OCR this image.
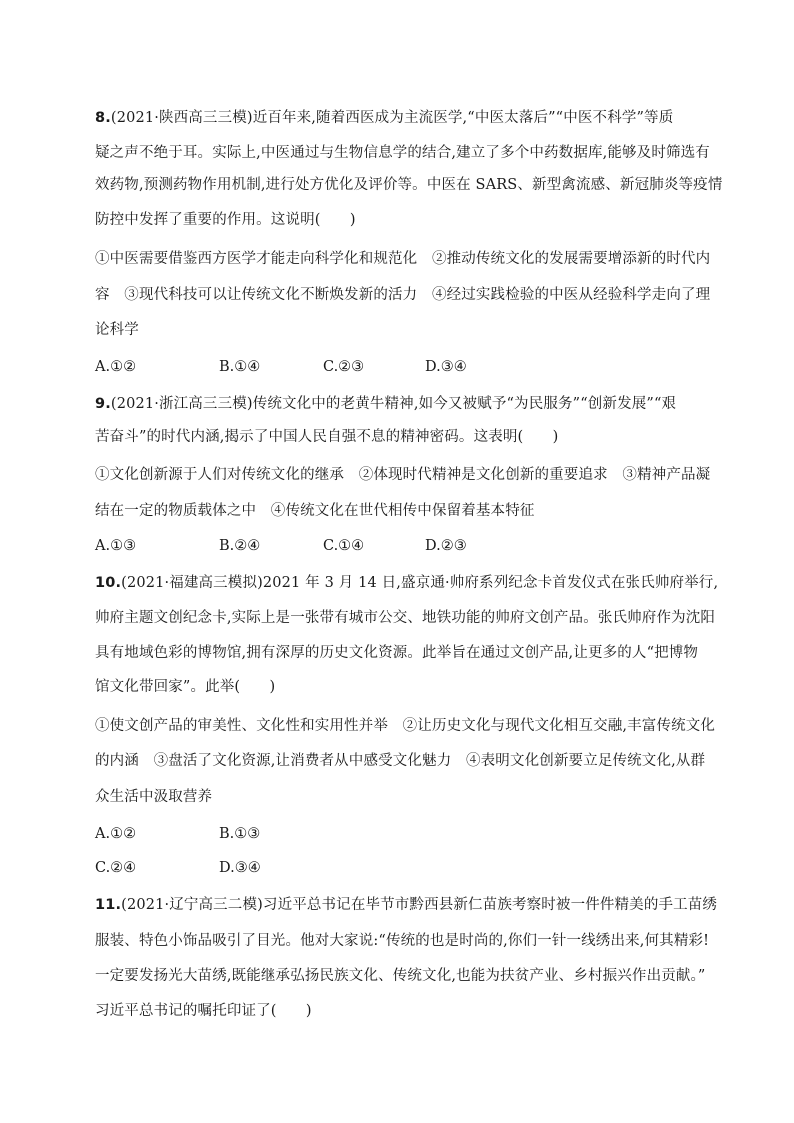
8.(2021·陕西高三三模)近百年来,随着西医成为主流医学,“中医太落后”“中医不科学”等质
疑之声不绝于耳。实际上,中医通过与生物信息学的结合,建立了多个中药数据库,能够及时筛选有
效药物,预测药物作用机制,进行处方优化及评价等。中医在 SARS、新型禽流感、新冠肺炎等疫情
防控中发挥了重要的作用。这说明(　　)
①中医需要借鉴西方医学才能走向科学化和规范化　②推动传统文化的发展需要增添新的时代内
容　③现代科技可以让传统文化不断焕发新的活力　④经过实践检验的中医从经验科学走向了理
论科学
A.①②	B.①④	C.②③	D.③④
9.(2021·浙江高三三模)传统文化中的老黄牛精神,如今又被赋予“为民服务”“创新发展”“艰
苦奋斗”的时代内涵,揭示了中国人民自强不息的精神密码。这表明(　　)
①文化创新源于人们对传统文化的继承　②体现时代精神是文化创新的重要追求　③精神产品凝
结在一定的物质载体之中　④传统文化在世代相传中保留着基本特征
A.①③	B.②④	C.①④	D.②③
10.(2021·福建高三模拟)2021 年 3 月 14 日,盛京通·帅府系列纪念卡首发仪式在张氏帅府举行,
帅府主题文创纪念卡,实际上是一张带有城市公交、地铁功能的帅府文创产品。张氏帅府作为沈阳
具有地域色彩的博物馆,拥有深厚的历史文化资源。此举旨在通过文创产品,让更多的人“把博物
馆文化带回家”。此举(　　)
①使文创产品的审美性、文化性和实用性并举　②让历史文化与现代文化相互交融,丰富传统文化
的内涵　③盘活了文化资源,让消费者从中感受文化魅力　④表明文化创新要立足传统文化,从群
众生活中汲取营养
A.①②	B.①③
C.②④	D.③④
11.(2021·辽宁高三二模)习近平总书记在毕节市黔西县新仁苗族考察时被一件件精美的手工苗绣
服装、特色小饰品吸引了目光。他对大家说:“传统的也是时尚的,你们一针一线绣出来,何其精彩!
一定要发扬光大苗绣,既能继承弘扬民族文化、传统文化,也能为扶贫产业、乡村振兴作出贡献。”
习近平总书记的嘱托印证了(　　)
